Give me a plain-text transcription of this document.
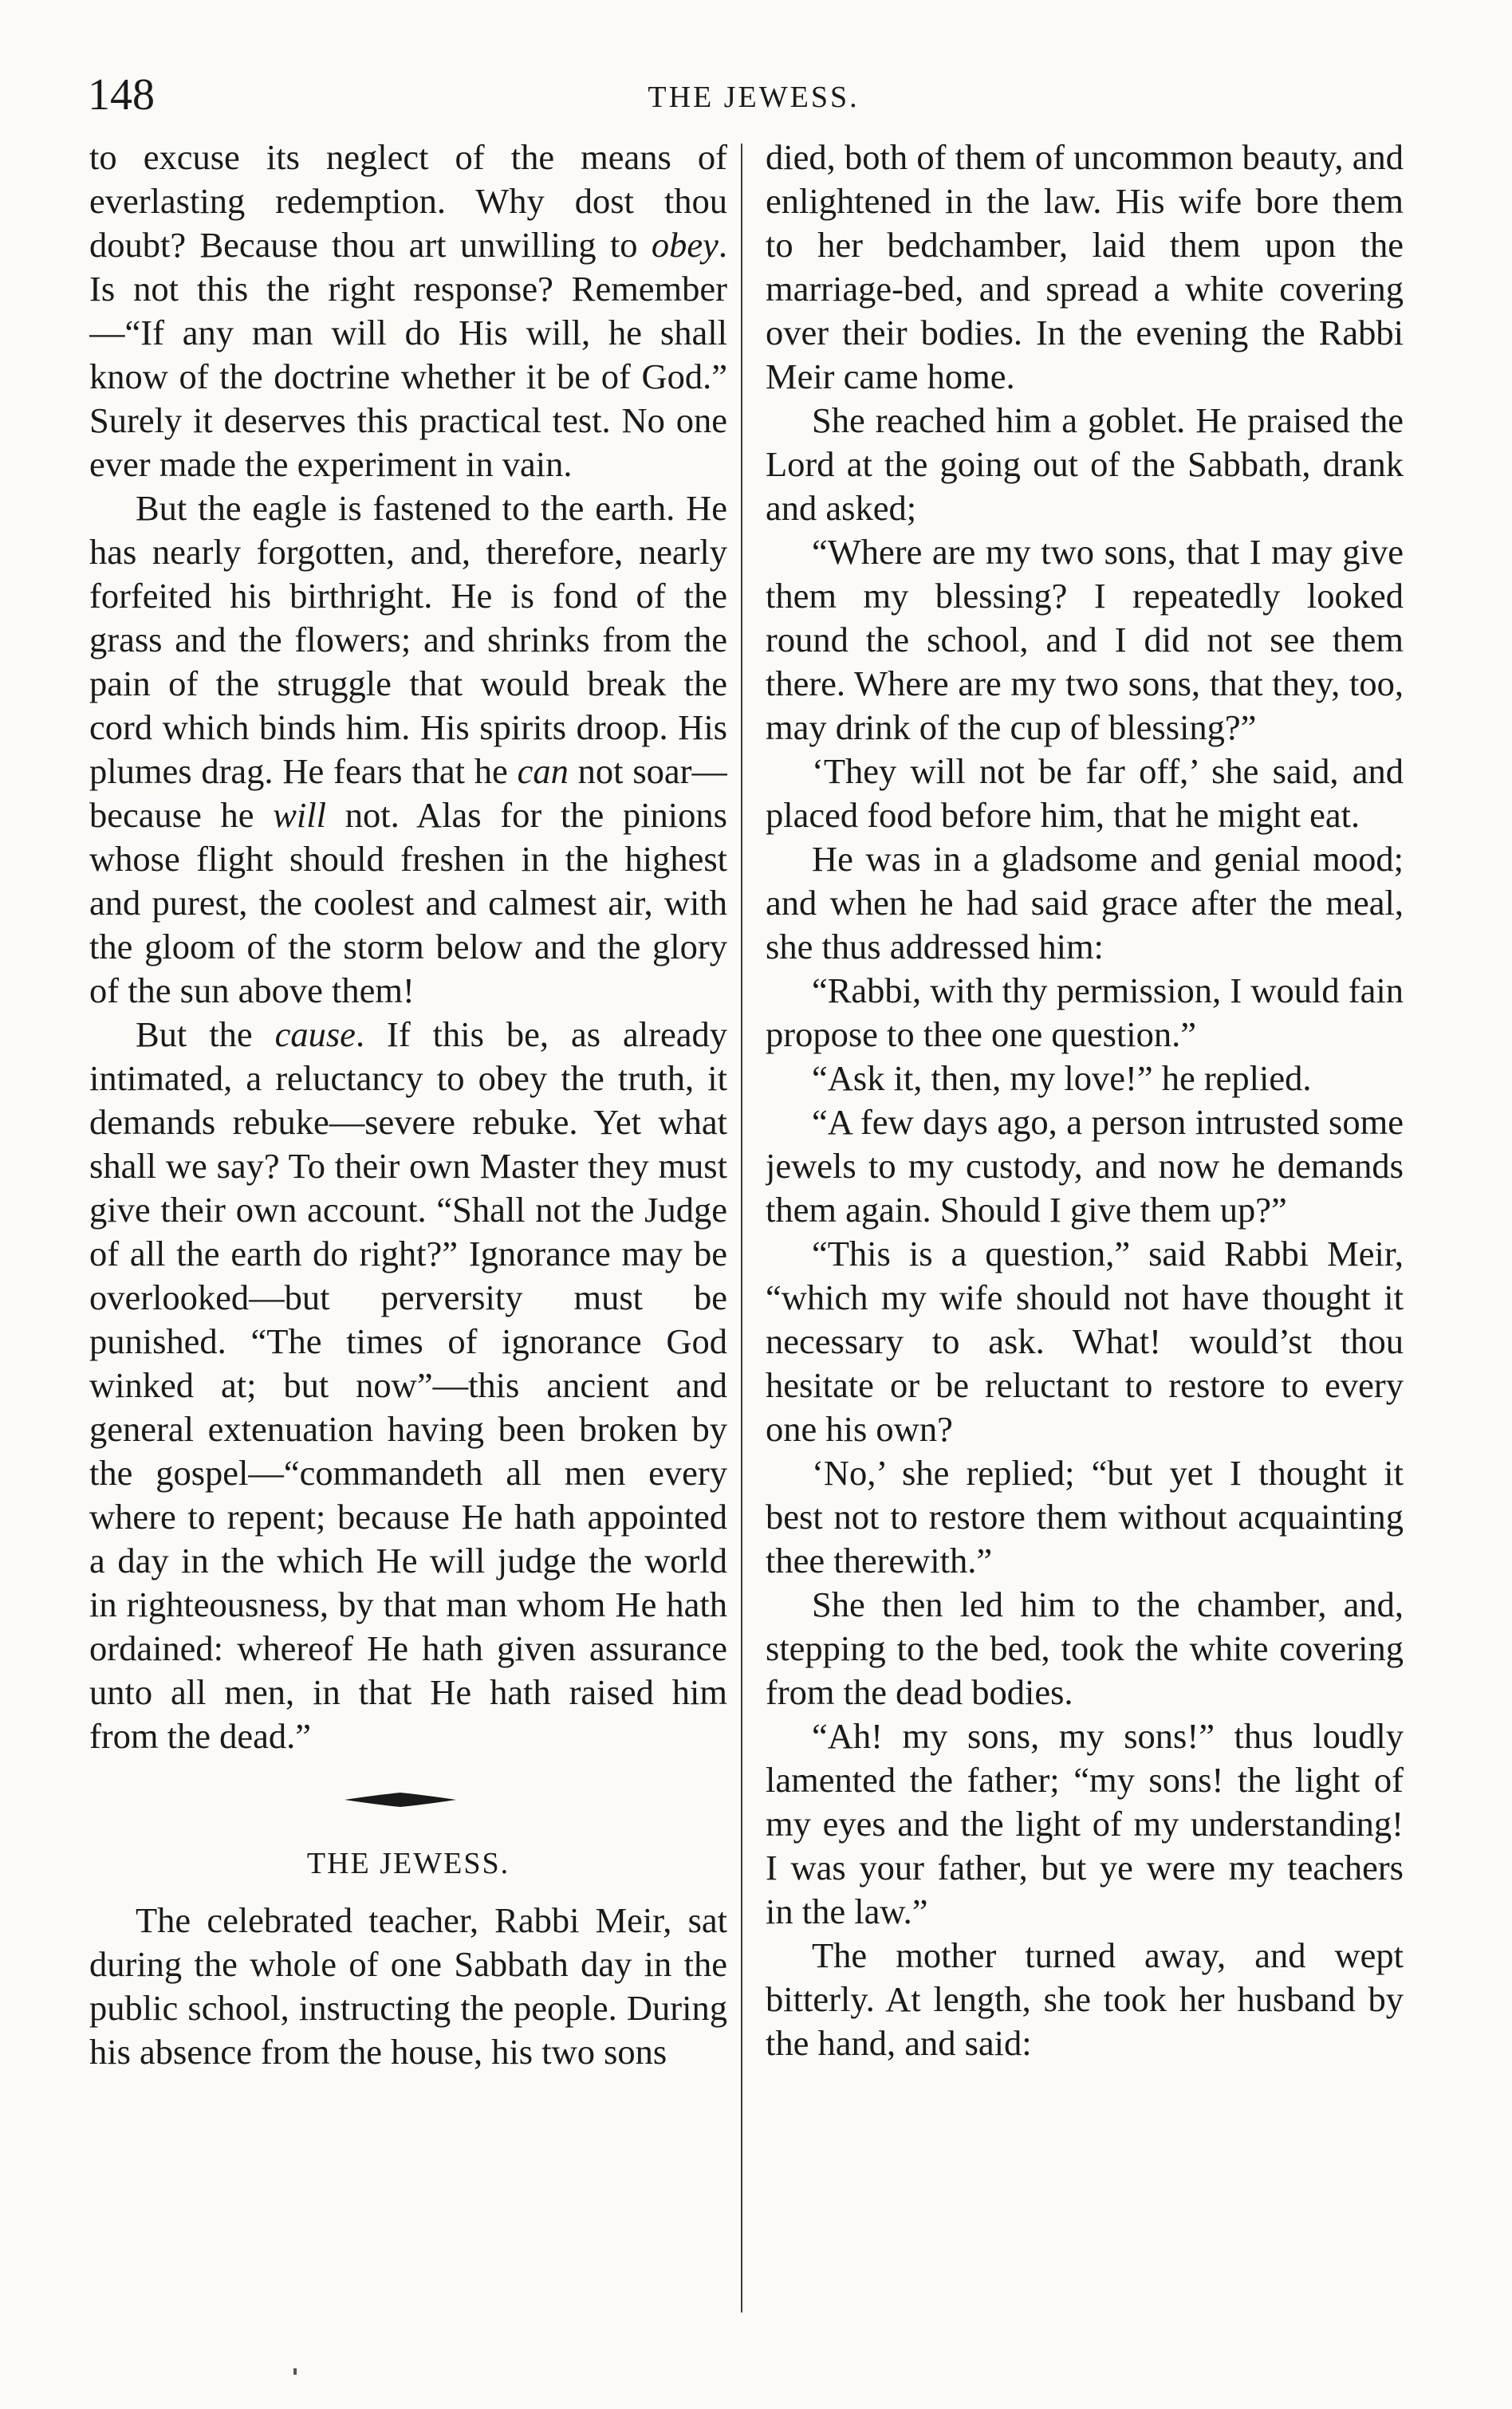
148	THE JEWESS.

to excuse its neglect of the means of everlasting redemption. Why dost thou doubt? Because thou art unwilling to obey. Is not this the right response? Remember—“If any man will do His will, he shall know of the doctrine whether it be of God.” Surely it deserves this practical test. No one ever made the experiment in vain.

But the eagle is fastened to the earth. He has nearly forgotten, and, therefore, nearly forfeited his birthright. He is fond of the grass and the flowers; and shrinks from the pain of the struggle that would break the cord which binds him. His spirits droop. His plumes drag. He fears that he can not soar—because he will not. Alas for the pinions whose flight should freshen in the highest and purest, the coolest and calmest air, with the gloom of the storm below and the glory of the sun above them!

But the cause. If this be, as already intimated, a reluctancy to obey the truth, it demands rebuke—severe rebuke. Yet what shall we say? To their own Master they must give their own account. “Shall not the Judge of all the earth do right?” Ignorance may be overlooked—but perversity must be punished. “The times of ignorance God winked at; but now”—this ancient and general extenuation having been broken by the gospel—“commandeth all men every where to repent; because He hath appointed a day in the which He will judge the world in righteousness, by that man whom He hath ordained: whereof He hath given assurance unto all men, in that He hath raised him from the dead.”

THE JEWESS.

The celebrated teacher, Rabbi Meir, sat during the whole of one Sabbath day in the public school, instructing the people. During his absence from the house, his two sons

died, both of them of uncommon beauty, and enlightened in the law. His wife bore them to her bedchamber, laid them upon the marriage-bed, and spread a white covering over their bodies. In the evening the Rabbi Meir came home.

She reached him a goblet. He praised the Lord at the going out of the Sabbath, drank and asked;

“Where are my two sons, that I may give them my blessing? I repeatedly looked round the school, and I did not see them there. Where are my two sons, that they, too, may drink of the cup of blessing?”

‘They will not be far off,’ she said, and placed food before him, that he might eat.

He was in a gladsome and genial mood; and when he had said grace after the meal, she thus addressed him:

“Rabbi, with thy permission, I would fain propose to thee one question.”

“Ask it, then, my love!” he replied.

“A few days ago, a person intrusted some jewels to my custody, and now he demands them again. Should I give them up?”

“This is a question,” said Rabbi Meir, “which my wife should not have thought it necessary to ask. What! would’st thou hesitate or be reluctant to restore to every one his own?

‘No,’ she replied; “but yet I thought it best not to restore them without acquainting thee therewith.”

She then led him to the chamber, and, stepping to the bed, took the white covering from the dead bodies.

“Ah! my sons, my sons!” thus loudly lamented the father; “my sons! the light of my eyes and the light of my understanding! I was your father, but ye were my teachers in the law.”

The mother turned away, and wept bitterly. At length, she took her husband by the hand, and said:
